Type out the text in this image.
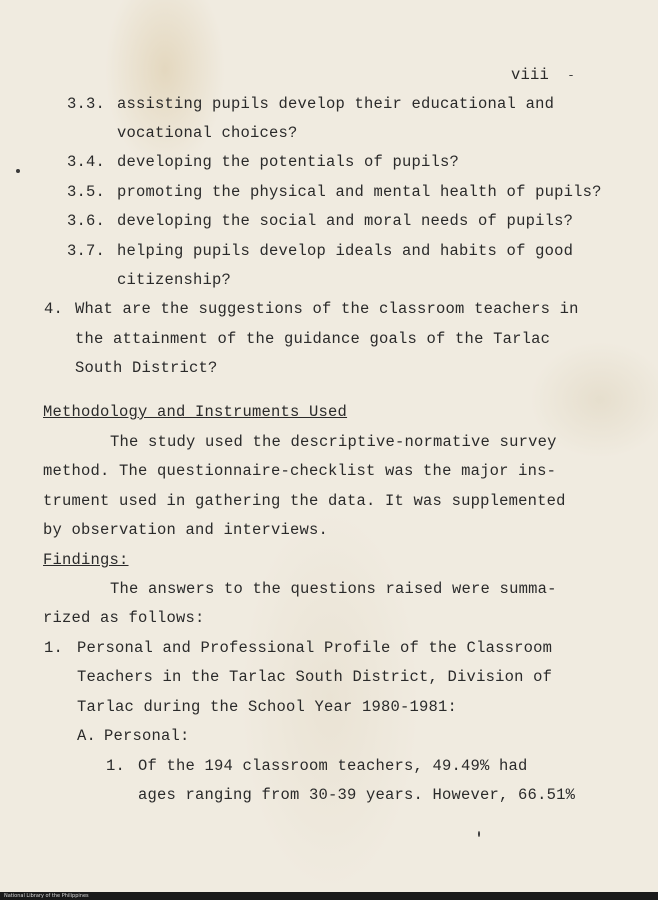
viii
3.3. assisting pupils develop their educational and
vocational choices?
3.4. developing the potentials of pupils?
3.5. promoting the physical and mental health of pupils?
3.6. developing the social and moral needs of pupils?
3.7. helping pupils develop ideals and habits of good
citizenship?
4. What are the suggestions of the classroom teachers in
the attainment of the guidance goals of the Tarlac
South District?
Methodology and Instruments Used
The study used the descriptive-normative survey
method. The questionnaire-checklist was the major ins-
trument used in gathering the data. It was supplemented
by observation and interviews.
Findings:
The answers to the questions raised were summa-
rized as follows:
1. Personal and Professional Profile of the Classroom
Teachers in the Tarlac South District, Division of
Tarlac during the School Year 1980-1981:
A. Personal:
1. Of the 194 classroom teachers, 49.49% had
ages ranging from 30-39 years. However, 66.51%
National Library of the Philippines
